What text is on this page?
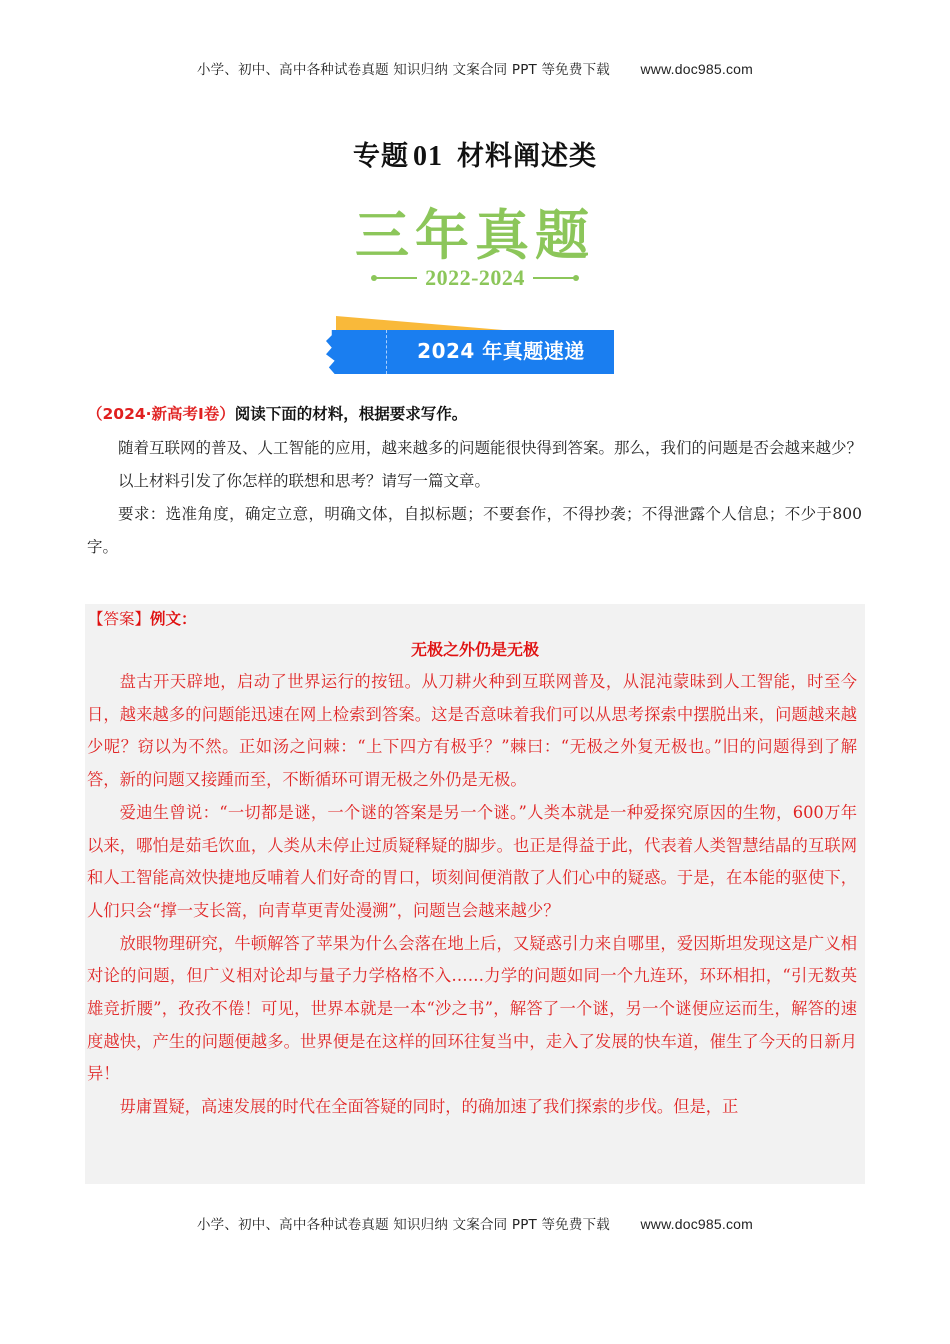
小学、初中、高中各种试卷真题 知识归纳 文案合同 PPT 等免费下载 www.doc985.com
专题 01 材料阐述类
三年真题
2022-2024
2024 年真题速递
（2024·新高考Ⅰ卷）阅读下面的材料，根据要求写作。

随着互联网的普及、人工智能的应用，越来越多的问题能很快得到答案。那么，我们的问题是否会越来越少？

以上材料引发了你怎样的联想和思考？请写一篇文章。

要求：选准角度，确定立意，明确文体，自拟标题；不要套作，不得抄袭；不得泄露个人信息；不少于800字。

【答案】例文：
无极之外仍是无极

盘古开天辟地，启动了世界运行的按钮。从刀耕火种到互联网普及，从混沌蒙昧到人工智能，时至今日，越来越多的问题能迅速在网上检索到答案。这是否意味着我们可以从思考探索中摆脱出来，问题越来越少呢？窃以为不然。正如汤之问棘：“上下四方有极乎？”棘曰：“无极之外复无极也。”旧的问题得到了解答，新的问题又接踵而至，不断循环可谓无极之外仍是无极。

爱迪生曾说：“一切都是谜，一个谜的答案是另一个谜。”人类本就是一种爱探究原因的生物，600万年以来，哪怕是茹毛饮血，人类从未停止过质疑释疑的脚步。也正是得益于此，代表着人类智慧结晶的互联网和人工智能高效快捷地反哺着人们好奇的胃口，顷刻间便消散了人们心中的疑惑。于是，在本能的驱使下，人们只会“撑一支长篙，向青草更青处漫溯”，问题岂会越来越少？

放眼物理研究，牛顿解答了苹果为什么会落在地上后，又疑惑引力来自哪里，爱因斯坦发现这是广义相对论的问题，但广义相对论却与量子力学格格不入……力学的问题如同一个九连环，环环相扣，“引无数英雄竞折腰”，孜孜不倦！可见，世界本就是一本“沙之书”，解答了一个谜，另一个谜便应运而生，解答的速度越快，产生的问题便越多。世界便是在这样的回环往复当中，走入了发展的快车道，催生了今天的日新月异！

毋庸置疑，高速发展的时代在全面答疑的同时，的确加速了我们探索的步伐。但是，正

小学、初中、高中各种试卷真题 知识归纳 文案合同 PPT 等免费下载 www.doc985.com
